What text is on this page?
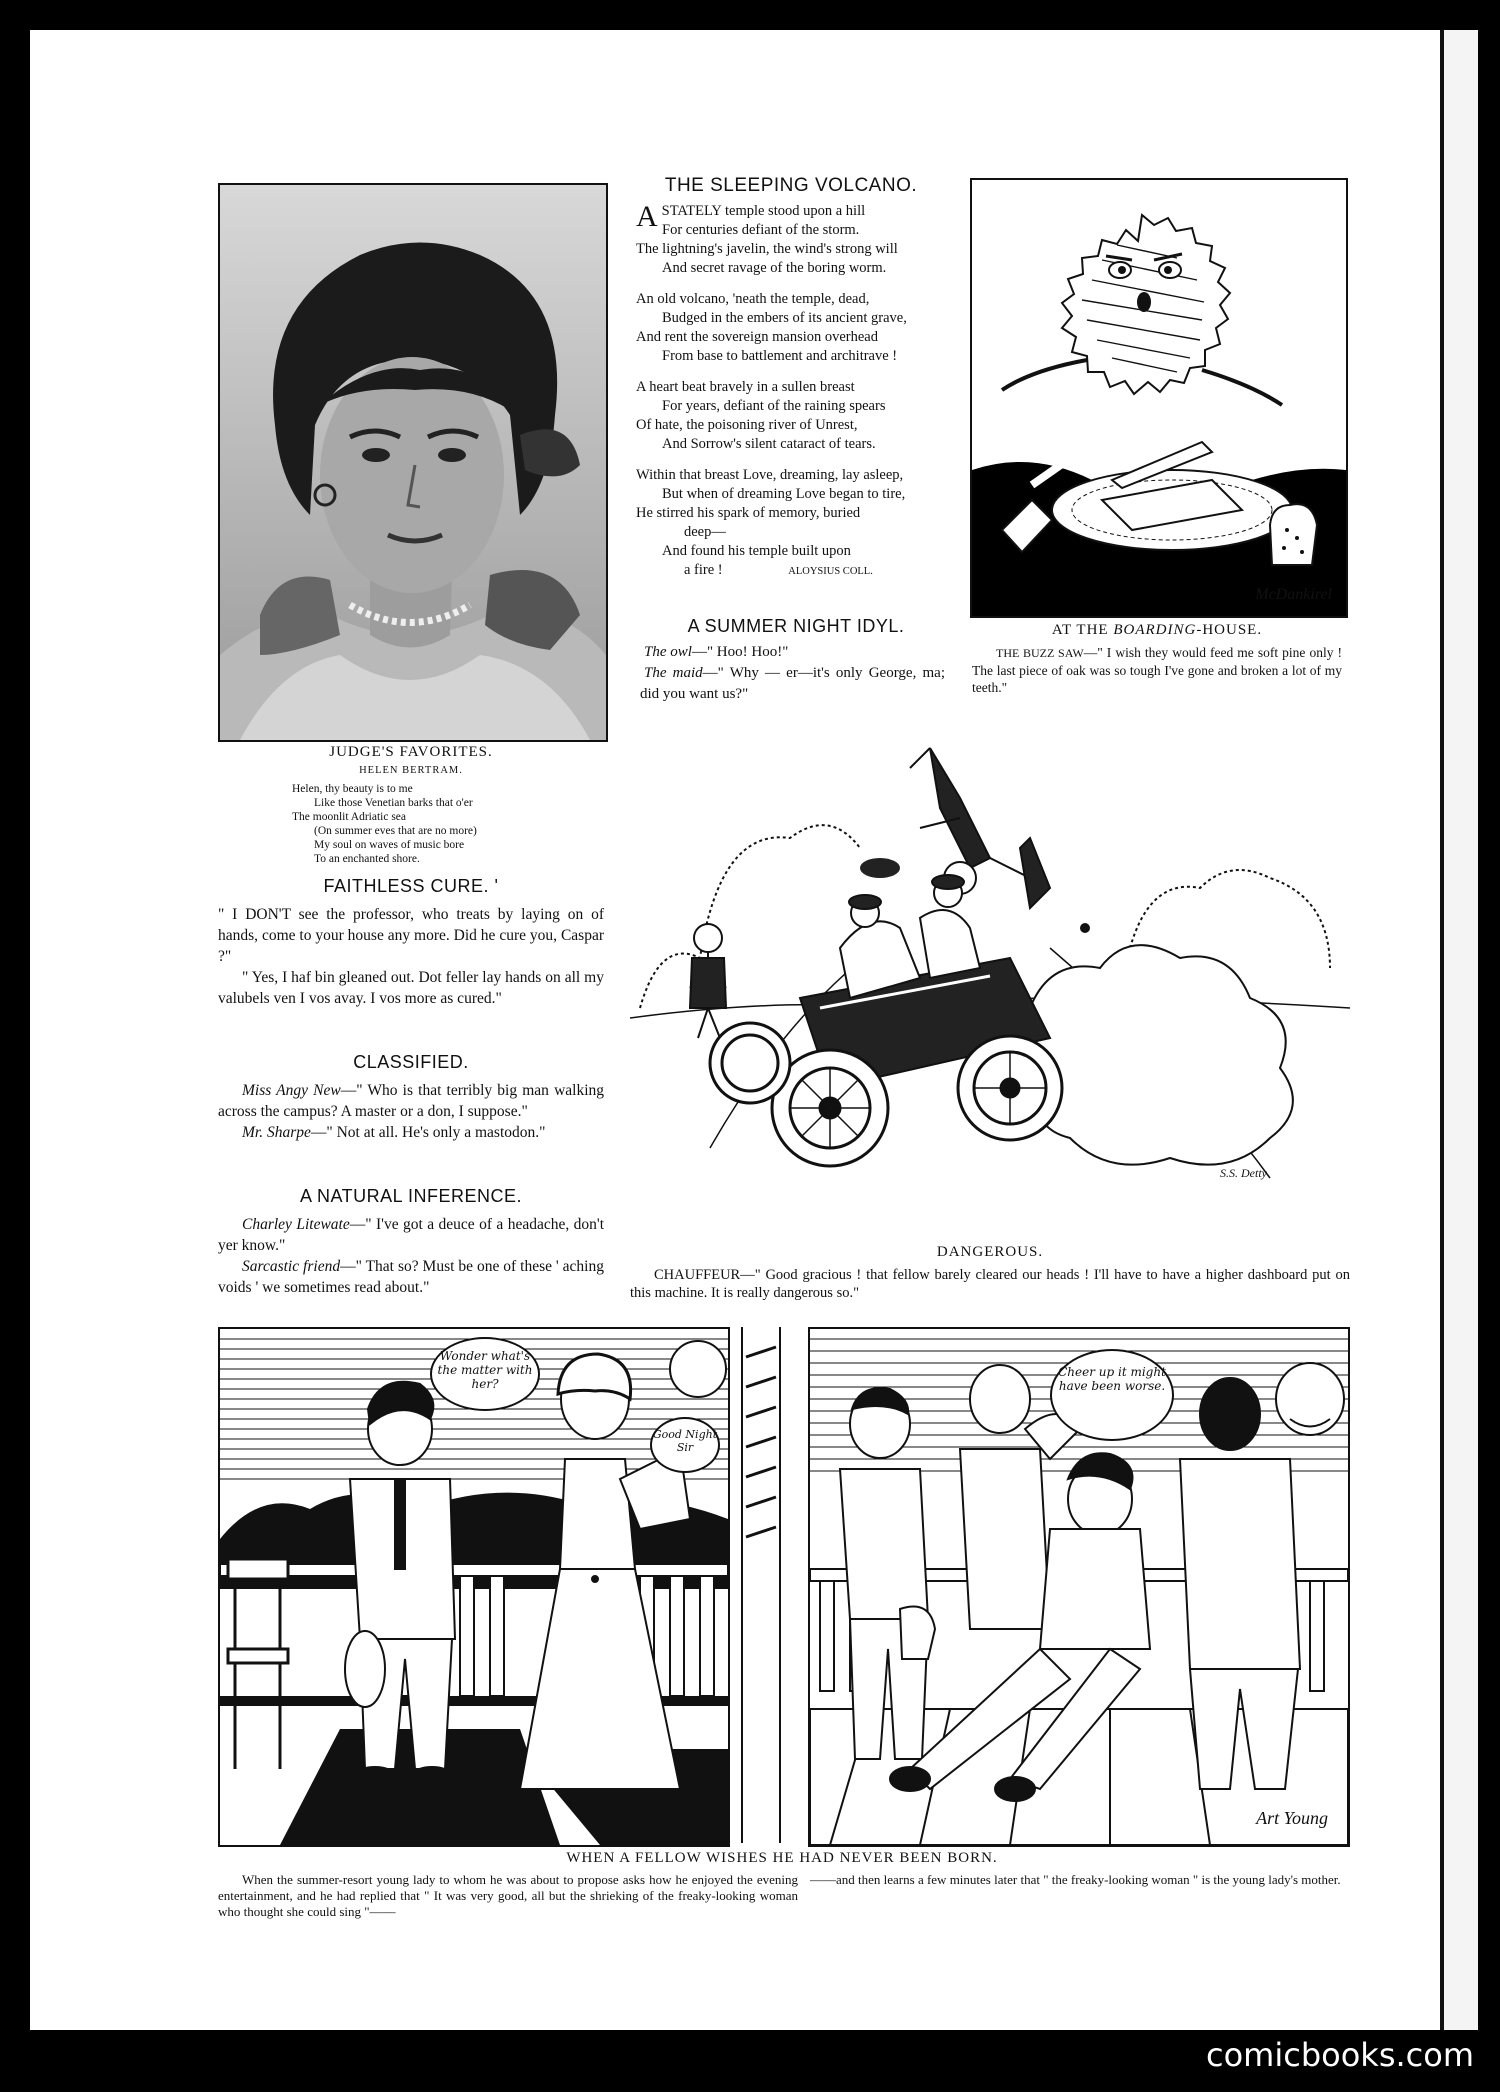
JUDGE'S FAVORITES.
HELEN BERTRAM.
Helen, thy beauty is to me
Like those Venetian barks that o'er
The moonlit Adriatic sea
(On summer eves that are no more)
My soul on waves of music bore
To an enchanted shore.
THE SLEEPING VOLCANO.
ASTATELY temple stood upon a hill
For centuries defiant of the storm.
The lightning's javelin, the wind's strong will
And secret ravage of the boring worm.
An old volcano, 'neath the temple, dead,
Budged in the embers of its ancient grave,
And rent the sovereign mansion overhead
From base to battlement and architrave !
A heart beat bravely in a sullen breast
For years, defiant of the raining spears
Of hate, the poisoning river of Unrest,
And Sorrow's silent cataract of tears.
Within that breast Love, dreaming, lay asleep,
But when of dreaming Love began to tire,
He stirred his spark of memory, buried
deep—
And found his temple built upon
a fire !	ALOYSIUS COLL.
A SUMMER NIGHT IDYL.

The owl—" Hoo! Hoo!"

The maid—" Why — er—it's only George, ma; did you want us?"

McDankirel
AT THE BOARDING-HOUSE.

THE BUZZ SAW—" I wish they would feed me soft pine only ! The last piece of oak was so tough I've gone and broken a lot of my teeth."

FAITHLESS CURE. '

" I DON'T see the professor, who treats by laying on of hands, come to your house any more. Did he cure you, Caspar ?"

" Yes, I haf bin gleaned out. Dot feller lay hands on all my valubels ven I vos avay. I vos more as cured."

CLASSIFIED.

Miss Angy New—" Who is that terribly big man walking across the campus? A master or a don, I suppose."

Mr. Sharpe—" Not at all. He's only a mastodon."

A NATURAL INFERENCE.

Charley Litewate—" I've got a deuce of a headache, don't yer know."

Sarcastic friend—" That so? Must be one of these ' aching voids ' we sometimes read about."

S.S. Detty
DANGEROUS.

CHAUFFEUR—" Good gracious ! that fellow barely cleared our heads ! I'll have to have a higher dashboard put on this machine. It is really dangerous so."

Wonder what's the matter with her?
Good Night Sir
Cheer up it might have been worse.
Art Young
WHEN A FELLOW WISHES HE HAD NEVER BEEN BORN.

When the summer-resort young lady to whom he was about to propose asks how he enjoyed the evening entertainment, and he had replied that " It was very good, all but the shrieking of the freaky-looking woman who thought she could sing "——

——and then learns a few minutes later that " the freaky-looking woman " is the young lady's mother.

comicbooks.com
